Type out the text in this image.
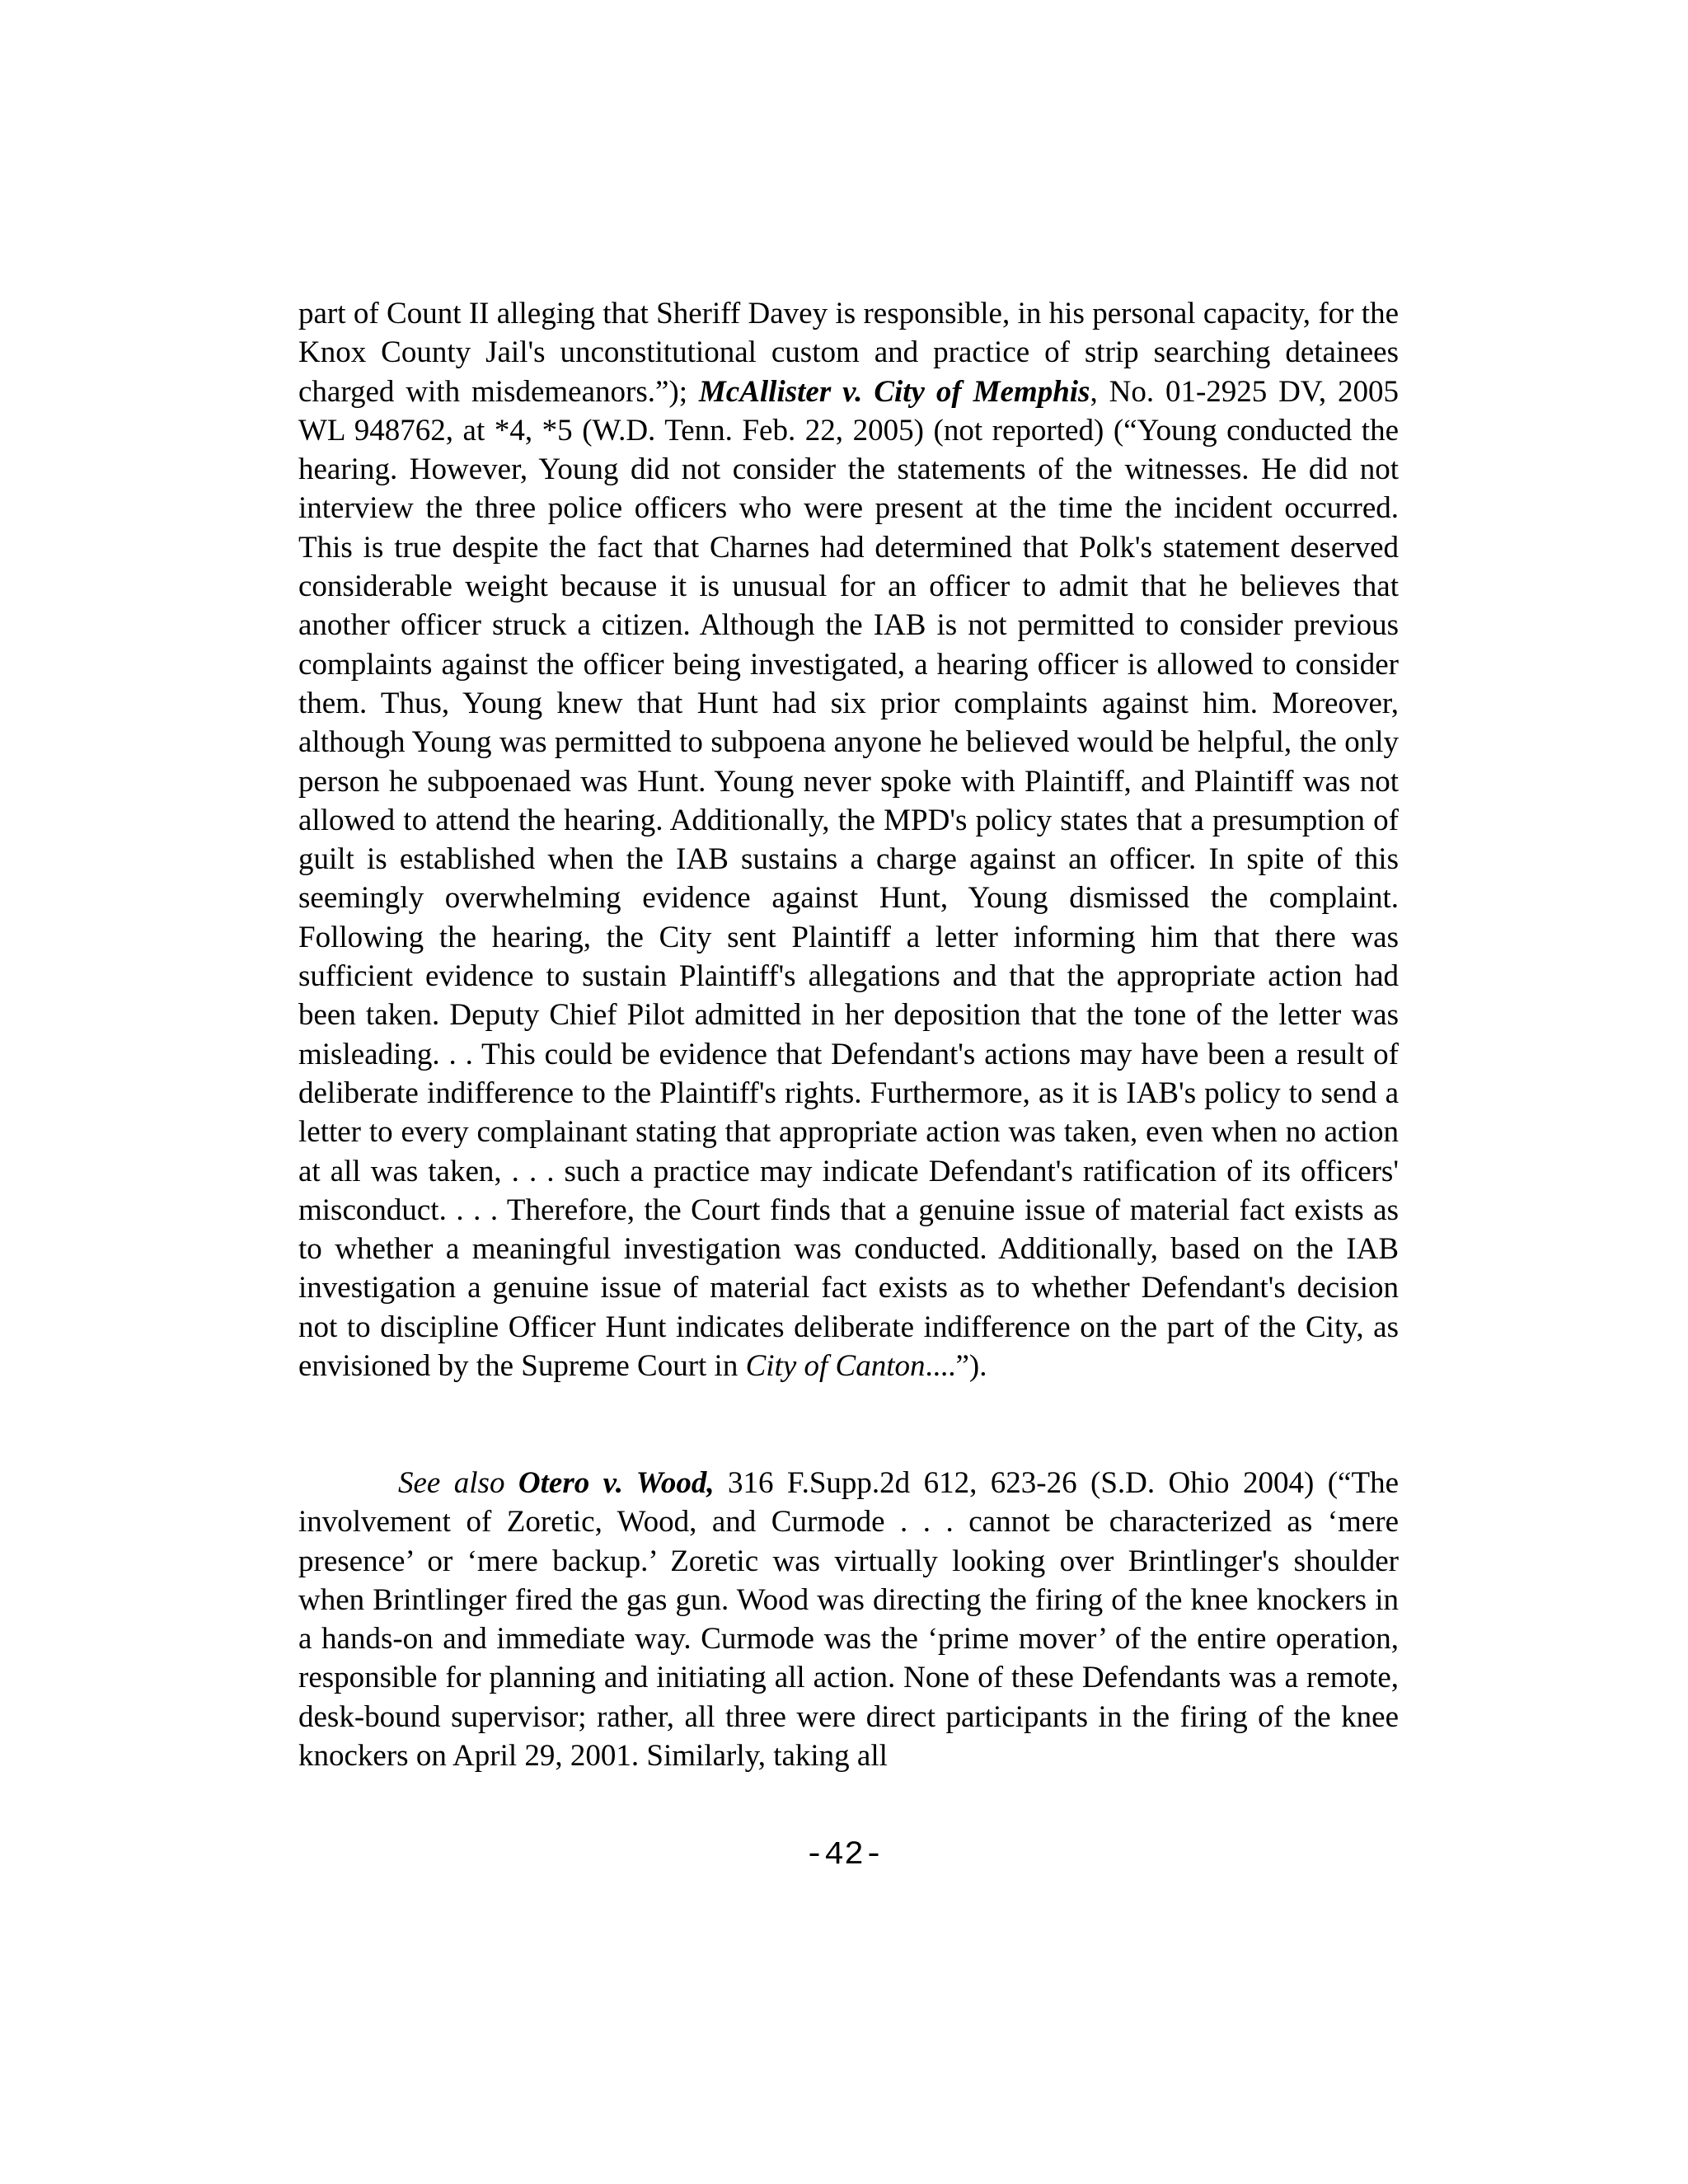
part of Count II alleging that Sheriff Davey is responsible, in his personal capacity, for the Knox County Jail's unconstitutional custom and practice of strip searching detainees charged with misdemeanors.”); McAllister v. City of Memphis, No. 01-2925 DV, 2005 WL 948762, at *4, *5 (W.D. Tenn. Feb. 22, 2005) (not reported) (“Young conducted the hearing. However, Young did not consider the statements of the witnesses. He did not interview the three police officers who were present at the time the incident occurred. This is true despite the fact that Charnes had determined that Polk's statement deserved considerable weight because it is unusual for an officer to admit that he believes that another officer struck a citizen. Although the IAB is not permitted to consider previous complaints against the officer being investigated, a hearing officer is allowed to consider them. Thus, Young knew that Hunt had six prior complaints against him. Moreover, although Young was permitted to subpoena anyone he believed would be helpful, the only person he subpoenaed was Hunt. Young never spoke with Plaintiff, and Plaintiff was not allowed to attend the hearing. Additionally, the MPD's policy states that a presumption of guilt is established when the IAB sustains a charge against an officer. In spite of this seemingly overwhelming evidence against Hunt, Young dismissed the complaint. Following the hearing, the City sent Plaintiff a letter informing him that there was sufficient evidence to sustain Plaintiff's allegations and that the appropriate action had been taken. Deputy Chief Pilot admitted in her deposition that the tone of the letter was misleading. . . This could be evidence that Defendant's actions may have been a result of deliberate indifference to the Plaintiff's rights. Furthermore, as it is IAB's policy to send a letter to every complainant stating that appropriate action was taken, even when no action at all was taken, . . . such a practice may indicate Defendant's ratification of its officers' misconduct. . . . Therefore, the Court finds that a genuine issue of material fact exists as to whether a meaningful investigation was conducted. Additionally, based on the IAB investigation a genuine issue of material fact exists as to whether Defendant's decision not to discipline Officer Hunt indicates deliberate indifference on the part of the City, as envisioned by the Supreme Court in City of Canton....”).
See also Otero v. Wood, 316 F.Supp.2d 612, 623-26 (S.D. Ohio 2004) (“The involvement of Zoretic, Wood, and Curmode . . . cannot be characterized as ‘mere presence’ or ‘mere backup.’ Zoretic was virtually looking over Brintlinger's shoulder when Brintlinger fired the gas gun. Wood was directing the firing of the knee knockers in a hands-on and immediate way. Curmode was the ‘prime mover’ of the entire operation, responsible for planning and initiating all action. None of these Defendants was a remote, desk-bound supervisor; rather, all three were direct participants in the firing of the knee knockers on April 29, 2001. Similarly, taking all
-42-
